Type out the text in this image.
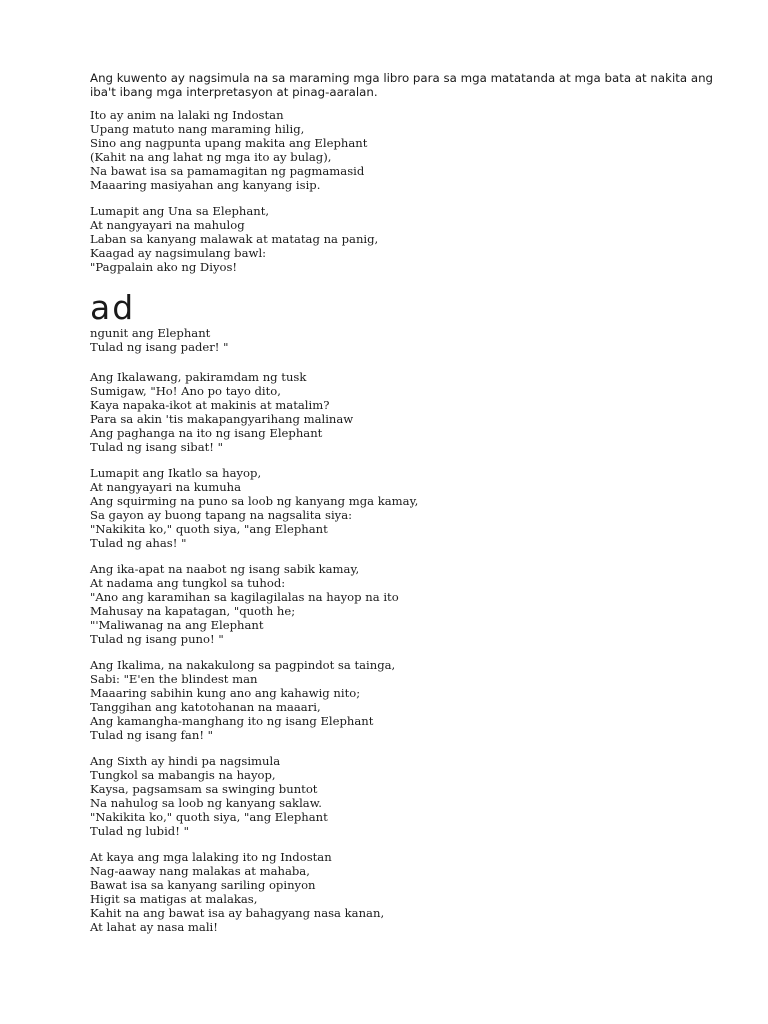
Ang kuwento ay nagsimula na sa maraming mga libro para sa mga matatanda at mga bata at nakita ang iba't ibang mga interpretasyon at pinag-aaralan.

Ito ay anim na lalaki ng Indostan
Upang matuto nang maraming hilig,
Sino ang nagpunta upang makita ang Elephant
(Kahit na ang lahat ng mga ito ay bulag),
Na bawat isa sa pamamagitan ng pagmamasid
Maaaring masiyahan ang kanyang isip.
Lumapit ang Una sa Elephant,
At nangyayari na mahulog
Laban sa kanyang malawak at matatag na panig,
Kaagad ay nagsimulang bawl:
"Pagpalain ako ng Diyos!
ad
ngunit ang Elephant
Tulad ng isang pader! "
Ang Ikalawang, pakiramdam ng tusk
Sumigaw, "Ho! Ano po tayo dito,
Kaya napaka-ikot at makinis at matalim?
Para sa akin 'tis makapangyarihang malinaw
Ang paghanga na ito ng isang Elephant
Tulad ng isang sibat! "
Lumapit ang Ikatlo sa hayop,
At nangyayari na kumuha
Ang squirming na puno sa loob ng kanyang mga kamay,
Sa gayon ay buong tapang na nagsalita siya:
"Nakikita ko," quoth siya, "ang Elephant
Tulad ng ahas! "
Ang ika-apat na naabot ng isang sabik kamay,
At nadama ang tungkol sa tuhod:
"Ano ang karamihan sa kagilagilalas na hayop na ito
Mahusay na kapatagan, "quoth he;
"'Maliwanag na ang Elephant
Tulad ng isang puno! "
Ang Ikalima, na nakakulong sa pagpindot sa tainga,
Sabi: "E'en the blindest man
Maaaring sabihin kung ano ang kahawig nito;
Tanggihan ang katotohanan na maaari,
Ang kamangha-manghang ito ng isang Elephant
Tulad ng isang fan! "
Ang Sixth ay hindi pa nagsimula
Tungkol sa mabangis na hayop,
Kaysa, pagsamsam sa swinging buntot
Na nahulog sa loob ng kanyang saklaw.
"Nakikita ko," quoth siya, "ang Elephant
Tulad ng lubid! "
At kaya ang mga lalaking ito ng Indostan
Nag-aaway nang malakas at mahaba,
Bawat isa sa kanyang sariling opinyon
Higit sa matigas at malakas,
Kahit na ang bawat isa ay bahagyang nasa kanan,
At lahat ay nasa mali!
